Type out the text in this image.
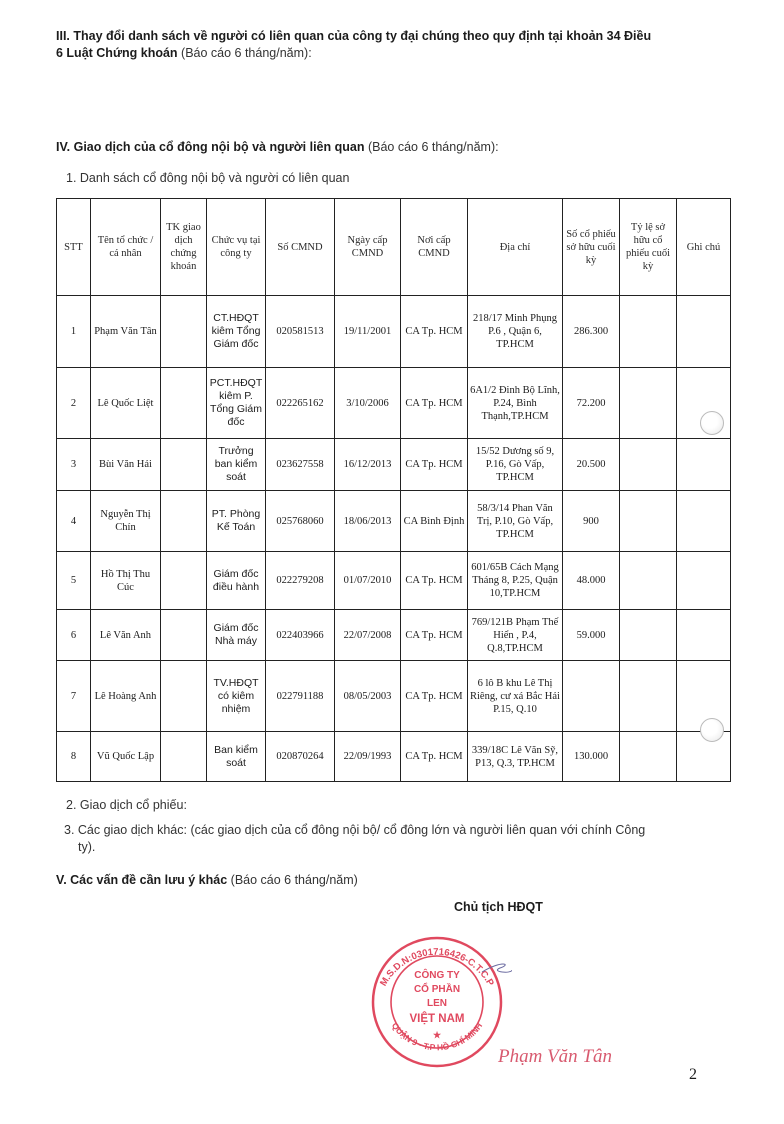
III. Thay đổi danh sách về người có liên quan của công ty đại chúng theo quy định tại khoản 34 Điều
6 Luật Chứng khoán (Báo cáo 6 tháng/năm):
IV. Giao dịch của cổ đông nội bộ và người liên quan (Báo cáo 6 tháng/năm):
1. Danh sách cổ đông nội bộ và người có liên quan
STT	Tên tổ chức / cá nhân	TK giao dịch chứng khoán	Chức vụ tại công ty	Số CMND	Ngày cấp CMND	Nơi cấp CMND	Địa chỉ	Số cổ phiếu sở hữu cuối kỳ	Tỷ lệ sở hữu cổ phiếu cuối kỳ	Ghi chú
1	Phạm Văn Tân		CT.HĐQT kiêm Tổng Giám đốc	020581513	19/11/2001	CA Tp. HCM	218/17 Minh Phụng P.6 , Quận 6, TP.HCM	286.300		
2	Lê Quốc Liệt		PCT.HĐQT kiêm P. Tổng Giám đốc	022265162	3/10/2006	CA Tp. HCM	6A1/2 Đinh Bộ Lĩnh, P.24, Bình Thạnh,TP.HCM	72.200		
3	Bùi Văn Hải		Trưởng ban kiểm soát	023627558	16/12/2013	CA Tp. HCM	15/52 Dương số 9, P.16, Gò Vấp, TP.HCM	20.500		
4	Nguyễn Thị Chín		PT. Phòng Kế Toán	025768060	18/06/2013	CA Bình Định	58/3/14 Phan Văn Trị, P.10, Gò Vấp, TP.HCM	900		
5	Hồ Thị Thu Cúc		Giám đốc điều hành	022279208	01/07/2010	CA Tp. HCM	601/65B Cách Mạng Tháng 8, P.25, Quận 10,TP.HCM	48.000		
6	Lê Văn Anh		Giám đốc Nhà máy	022403966	22/07/2008	CA Tp. HCM	769/121B Phạm Thế Hiển , P.4, Q.8,TP.HCM	59.000		
7	Lê Hoàng Anh		TV.HĐQT có kiêm nhiệm	022791188	08/05/2003	CA Tp. HCM	6 lô B khu Lê Thị Riêng, cư xá Bắc Hải P.15, Q.10			
8	Vũ Quốc Lập		Ban kiểm soát	020870264	22/09/1993	CA Tp. HCM	339/18C Lê Văn Sỹ, P13, Q.3, TP.HCM	130.000		
2. Giao dịch cổ phiếu:
3. Các giao dịch khác: (các giao dịch của cổ đông nội bộ/ cổ đông lớn và người liên quan với chính Công
ty).
V. Các vấn đề cần lưu ý khác (Báo cáo 6 tháng/năm)
Chủ tịch HĐQT
M.S.D.N:0301716426-C.T.C.P
QUẬN 9 - T.P HỒ CHÍ MINH
CÔNG TY
CỔ PHẦN
LEN
VIỆT NAM
★
Phạm Văn Tân
2
